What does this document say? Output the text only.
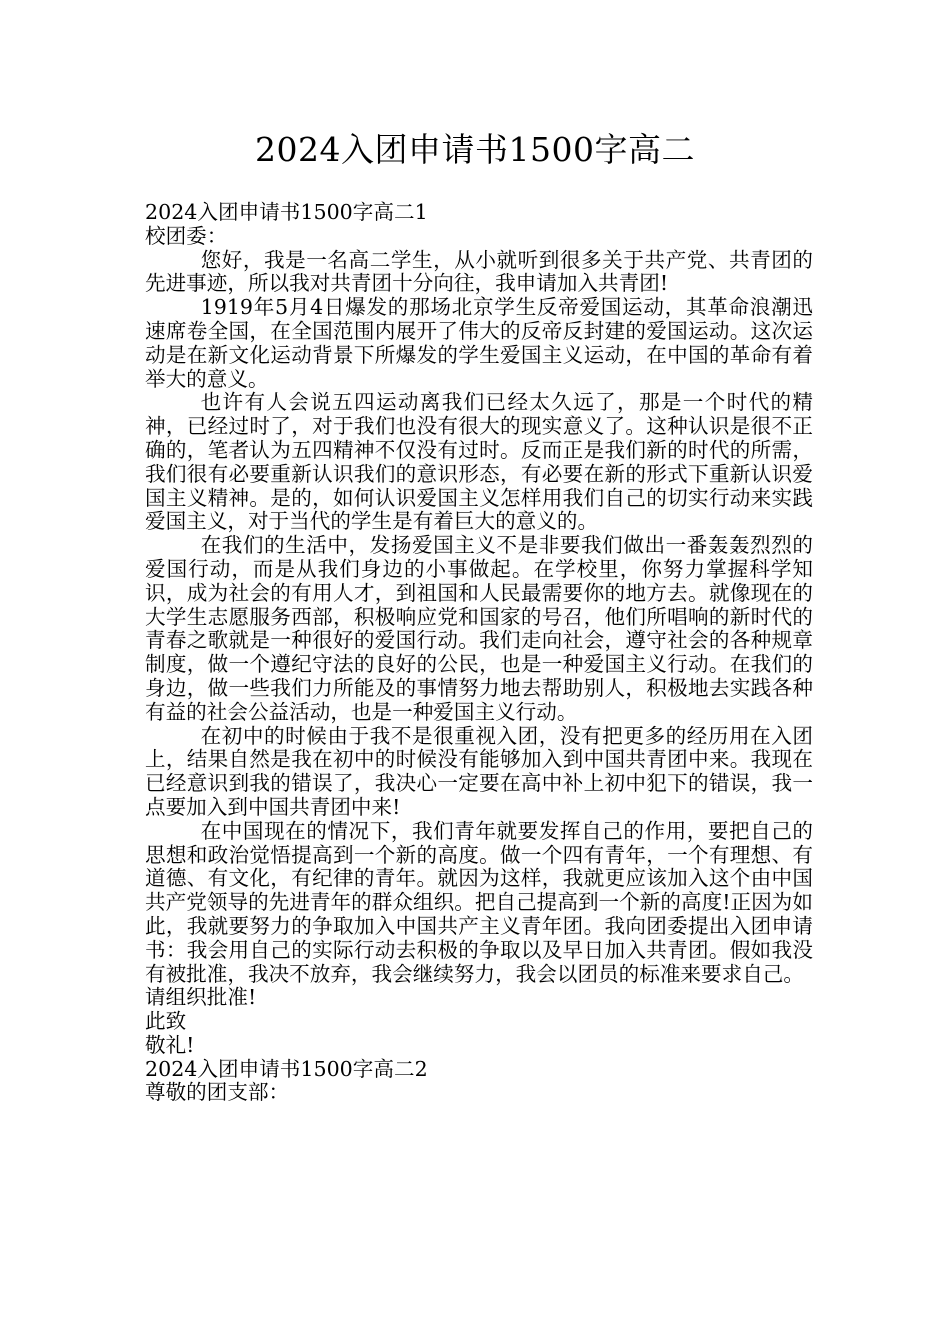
2024入团申请书1500字高二

2024入团申请书1500字高二1

校团委：

您好，我是一名高二学生，从小就听到很多关于共产党、共青团的先进事迹，所以我对共青团十分向往，我申请加入共青团!

1919年5月4日爆发的那场北京学生反帝爱国运动，其革命浪潮迅速席卷全国，在全国范围内展开了伟大的反帝反封建的爱国运动。这次运动是在新文化运动背景下所爆发的学生爱国主义运动，在中国的革命有着举大的意义。

也许有人会说五四运动离我们已经太久远了，那是一个时代的精神，已经过时了，对于我们也没有很大的现实意义了。这种认识是很不正确的，笔者认为五四精神不仅没有过时。反而正是我们新的时代的所需，我们很有必要重新认识我们的意识形态，有必要在新的形式下重新认识爱国主义精神。是的，如何认识爱国主义怎样用我们自己的切实行动来实践爱国主义，对于当代的学生是有着巨大的意义的。

在我们的生活中，发扬爱国主义不是非要我们做出一番轰轰烈烈的爱国行动，而是从我们身边的小事做起。在学校里，你努力掌握科学知识，成为社会的有用人才，到祖国和人民最需要你的地方去。就像现在的大学生志愿服务西部，积极响应党和国家的号召，他们所唱响的新时代的青春之歌就是一种很好的爱国行动。我们走向社会，遵守社会的各种规章制度，做一个遵纪守法的良好的公民，也是一种爱国主义行动。在我们的身边，做一些我们力所能及的事情努力地去帮助别人，积极地去实践各种有益的社会公益活动，也是一种爱国主义行动。

在初中的时候由于我不是很重视入团，没有把更多的经历用在入团上，结果自然是我在初中的时候没有能够加入到中国共青团中来。我现在已经意识到我的错误了，我决心一定要在高中补上初中犯下的错误，我一点要加入到中国共青团中来!

在中国现在的情况下，我们青年就要发挥自己的作用，要把自己的思想和政治觉悟提高到一个新的高度。做一个四有青年，一个有理想、有道德、有文化，有纪律的青年。就因为这样，我就更应该加入这个由中国共产党领导的先进青年的群众组织。把自己提高到一个新的高度!正因为如此，我就要努力的争取加入中国共产主义青年团。我向团委提出入团申请书：我会用自己的实际行动去积极的争取以及早日加入共青团。假如我没有被批准，我决不放弃，我会继续努力，我会以团员的标准来要求自己。

请组织批准!

此致

敬礼!

2024入团申请书1500字高二2

尊敬的团支部：
